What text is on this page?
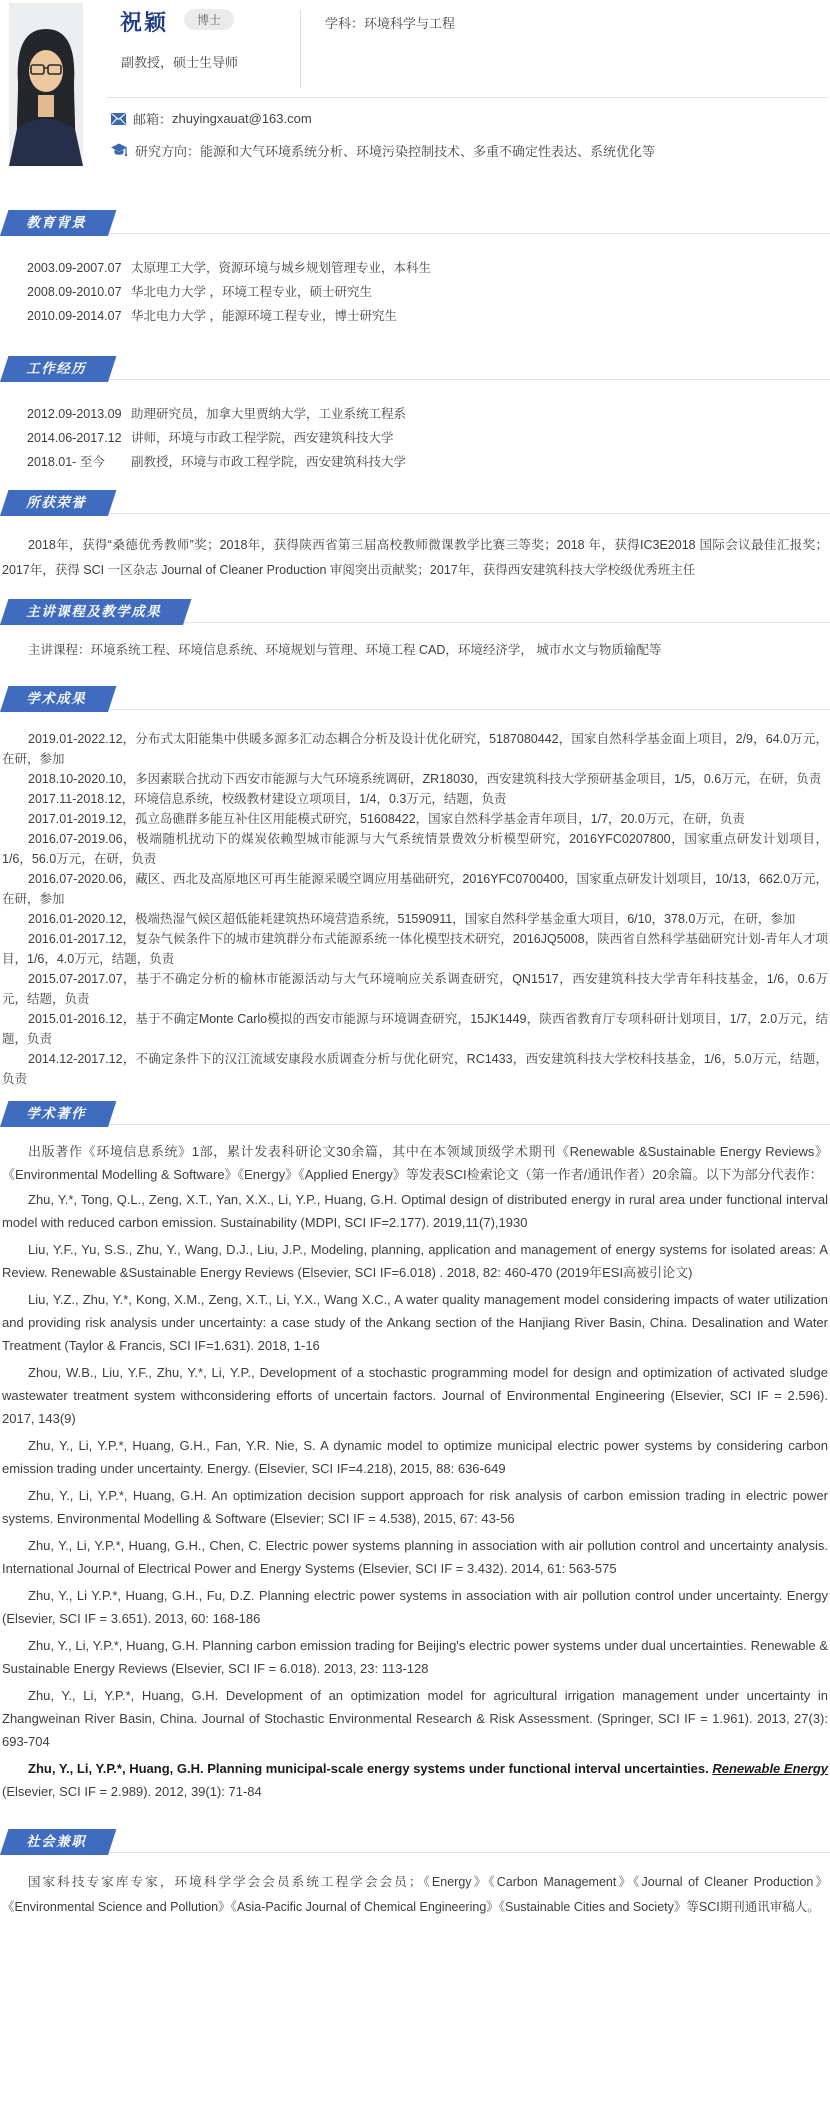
祝颖 博士
副教授，硕士生导师
学科：环境科学与工程
邮箱： zhuyingxauat@163.com
研究方向： 能源和大气环境系统分析、环境污染控制技术、多重不确定性表达、系统优化等
教育背景
2003.09-2007.07 太原理工大学，资源环境与城乡规划管理专业，本科生
2008.09-2010.07 华北电力大学 ，环境工程专业，硕士研究生
2010.09-2014.07 华北电力大学 ，能源环境工程专业，博士研究生
工作经历
2012.09-2013.09 助理研究员，加拿大里贾纳大学，工业系统工程系
2014.06-2017.12 讲师，环境与市政工程学院，西安建筑科技大学
2018.01- 至今	副教授，环境与市政工程学院，西安建筑科技大学
所获荣誉

2018年，获得“桑德优秀教师”奖；2018年，获得陕西省第三届高校教师微课教学比赛三等奖；2018 年，获得IC3E2018 国际会议最佳汇报奖；2017年，获得 SCI 一区杂志 Journal of Cleaner Production 审阅突出贡献奖；2017年，获得西安建筑科技大学校级优秀班主任

主讲课程及教学成果

主讲课程：环境系统工程、环境信息系统、环境规划与管理、环境工程 CAD，环境经济学， 城市水文与物质输配等

学术成果

2019.01-2022.12，分布式太阳能集中供暖多源多汇动态耦合分析及设计优化研究，5187080442，国家自然科学基金面上项目，2/9，64.0万元，在研，参加

2018.10-2020.10，多因素联合扰动下西安市能源与大气环境系统调研，ZR18030，西安建筑科技大学预研基金项目，1/5，0.6万元，在研，负责

2017.11-2018.12，环境信息系统，校级教材建设立项项目，1/4，0.3万元，结题，负责

2017.01-2019.12，孤立岛礁群多能互补住区用能模式研究，51608422，国家自然科学基金青年项目，1/7，20.0万元，在研，负责

2016.07-2019.06，极端随机扰动下的煤炭依赖型城市能源与大气系统情景费效分析模型研究，2016YFC0207800，国家重点研发计划项目，1/6，56.0万元，在研，负责

2016.07-2020.06，藏区、西北及高原地区可再生能源采暖空调应用基础研究，2016YFC0700400，国家重点研发计划项目，10/13，662.0万元，在研，参加

2016.01-2020.12，极端热湿气候区超低能耗建筑热环境营造系统，51590911，国家自然科学基金重大项目，6/10，378.0万元，在研，参加

2016.01-2017.12，复杂气候条件下的城市建筑群分布式能源系统一体化模型技术研究，2016JQ5008，陕西省自然科学基础研究计划-青年人才项目，1/6，4.0万元，结题，负责

2015.07-2017.07，基于不确定分析的榆林市能源活动与大气环境响应关系调查研究，QN1517，西安建筑科技大学青年科技基金，1/6，0.6万元，结题，负责

2015.01-2016.12，基于不确定Monte Carlo模拟的西安市能源与环境调查研究，15JK1449，陕西省教育厅专项科研计划项目，1/7，2.0万元，结题，负责

2014.12-2017.12，不确定条件下的汉江流域安康段水质调查分析与优化研究，RC1433，西安建筑科技大学校科技基金，1/6，5.0万元，结题，负责

学术著作

出版著作《环境信息系统》1部，累计发表科研论文30余篇，其中在本领域顶级学术期刊《Renewable &Sustainable Energy Reviews》《Environmental Modelling & Software》《Energy》《Applied Energy》等发表SCI检索论文（第一作者/通讯作者）20余篇。以下为部分代表作：

Zhu, Y.*, Tong, Q.L., Zeng, X.T., Yan, X.X., Li, Y.P., Huang, G.H. Optimal design of distributed energy in rural area under functional interval model with reduced carbon emission. Sustainability (MDPI, SCI IF=2.177). 2019,11(7),1930

Liu, Y.F., Yu, S.S., Zhu, Y., Wang, D.J., Liu, J.P., Modeling, planning, application and management of energy systems for isolated areas: A Review. Renewable &Sustainable Energy Reviews (Elsevier, SCI IF=6.018) . 2018, 82: 460-470 (2019年ESI高被引论文)

Liu, Y.Z., Zhu, Y.*, Kong, X.M., Zeng, X.T., Li, Y.X., Wang X.C., A water quality management model considering impacts of water utilization and providing risk analysis under uncertainty: a case study of the Ankang section of the Hanjiang River Basin, China. Desalination and Water Treatment (Taylor & Francis, SCI IF=1.631). 2018, 1-16

Zhou, W.B., Liu, Y.F., Zhu, Y.*, Li, Y.P., Development of a stochastic programming model for design and optimization of activated sludge wastewater treatment system withconsidering efforts of uncertain factors. Journal of Environmental Engineering (Elsevier, SCI IF = 2.596). 2017, 143(9)

Zhu, Y., Li, Y.P.*, Huang, G.H., Fan, Y.R. Nie, S. A dynamic model to optimize municipal electric power systems by considering carbon emission trading under uncertainty. Energy. (Elsevier, SCI IF=4.218), 2015, 88: 636-649

Zhu, Y., Li, Y.P.*, Huang, G.H. An optimization decision support approach for risk analysis of carbon emission trading in electric power systems. Environmental Modelling & Software (Elsevier; SCI IF = 4.538), 2015, 67: 43-56

Zhu, Y., Li, Y.P.*, Huang, G.H., Chen, C. Electric power systems planning in association with air pollution control and uncertainty analysis. International Journal of Electrical Power and Energy Systems (Elsevier, SCI IF = 3.432). 2014, 61: 563-575

Zhu, Y., Li Y.P.*, Huang, G.H., Fu, D.Z. Planning electric power systems in association with air pollution control under uncertainty. Energy (Elsevier, SCI IF = 3.651). 2013, 60: 168-186

Zhu, Y., Li, Y.P.*, Huang, G.H. Planning carbon emission trading for Beijing's electric power systems under dual uncertainties. Renewable & Sustainable Energy Reviews (Elsevier, SCI IF = 6.018). 2013, 23: 113-128

Zhu, Y., Li, Y.P.*, Huang, G.H. Development of an optimization model for agricultural irrigation management under uncertainty in Zhangweinan River Basin, China. Journal of Stochastic Environmental Research & Risk Assessment. (Springer, SCI IF = 1.961). 2013, 27(3): 693-704

Zhu, Y., Li, Y.P.*, Huang, G.H. Planning municipal-scale energy systems under functional interval uncertainties. Renewable Energy (Elsevier, SCI IF = 2.989). 2012, 39(1): 71-84

社会兼职

国家科技专家库专家，环境科学学会会员系统工程学会会员；《Energy》《Carbon Management》《Journal of Cleaner Production》《Environmental Science and Pollution》《Asia-Pacific Journal of Chemical Engineering》《Sustainable Cities and Society》等SCI期刊通讯审稿人。
